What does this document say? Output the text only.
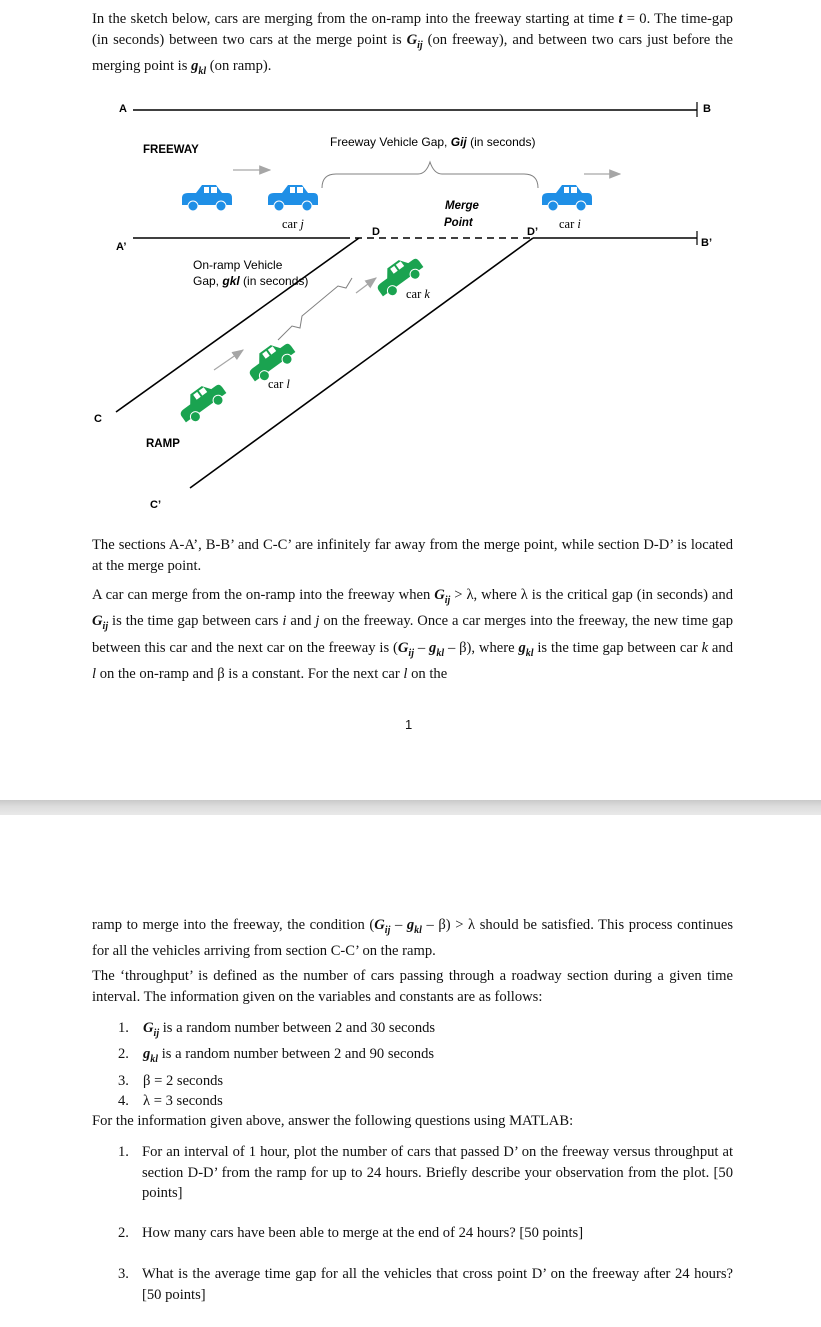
In the sketch below, cars are merging from the on-ramp into the freeway starting at time t = 0. The time-gap (in seconds) between two cars at the merge point is $G_{ij}$ (on freeway), and between two cars just before the merging point is $g_{kl}$ (on ramp).

A	B
A’	B’
C
C’
D	D’
FREEWAY
RAMP
Freeway Vehicle Gap, Gij (in seconds)
Merge
Point
On-ramp Vehicle
Gap, gkl (in seconds)
car j	car i
car k
car l

The sections A-A’, B-B’ and C-C’ are infinitely far away from the merge point, while section D-D’ is located at the merge point.

A car can merge from the on-ramp into the freeway when $G_{ij} > \lambda$, where λ is the critical gap (in seconds) and $G_{ij}$ is the time gap between cars i and j on the freeway. Once a car merges into the freeway, the new time gap between this car and the next car on the freeway is $(G_{ij} - g_{kl} - \beta)$, where $g_{kl}$ is the time gap between car k and l on the on-ramp and β is a constant. For the next car l on the

1

ramp to merge into the freeway, the condition $(G_{ij} - g_{kl} - \beta) > \lambda$ should be satisfied. This process continues for all the vehicles arriving from section C-C’ on the ramp.

The ‘throughput’ is defined as the number of cars passing through a roadway section during a given time interval. The information given on the variables and constants are as follows:

1. $G_{ij}$ is a random number between 2 and 30 seconds
2. $g_{kl}$ is a random number between 2 and 90 seconds
3. β = 2 seconds
4. λ = 3 seconds

For the information given above, answer the following questions using MATLAB:

1. For an interval of 1 hour, plot the number of cars that passed D’ on the freeway versus throughput at section D-D’ from the ramp for up to 24 hours. Briefly describe your observation from the plot. [50 points]
2. How many cars have been able to merge at the end of 24 hours? [50 points]
3. What is the average time gap for all the vehicles that cross point D’ on the freeway after 24 hours? [50 points]
